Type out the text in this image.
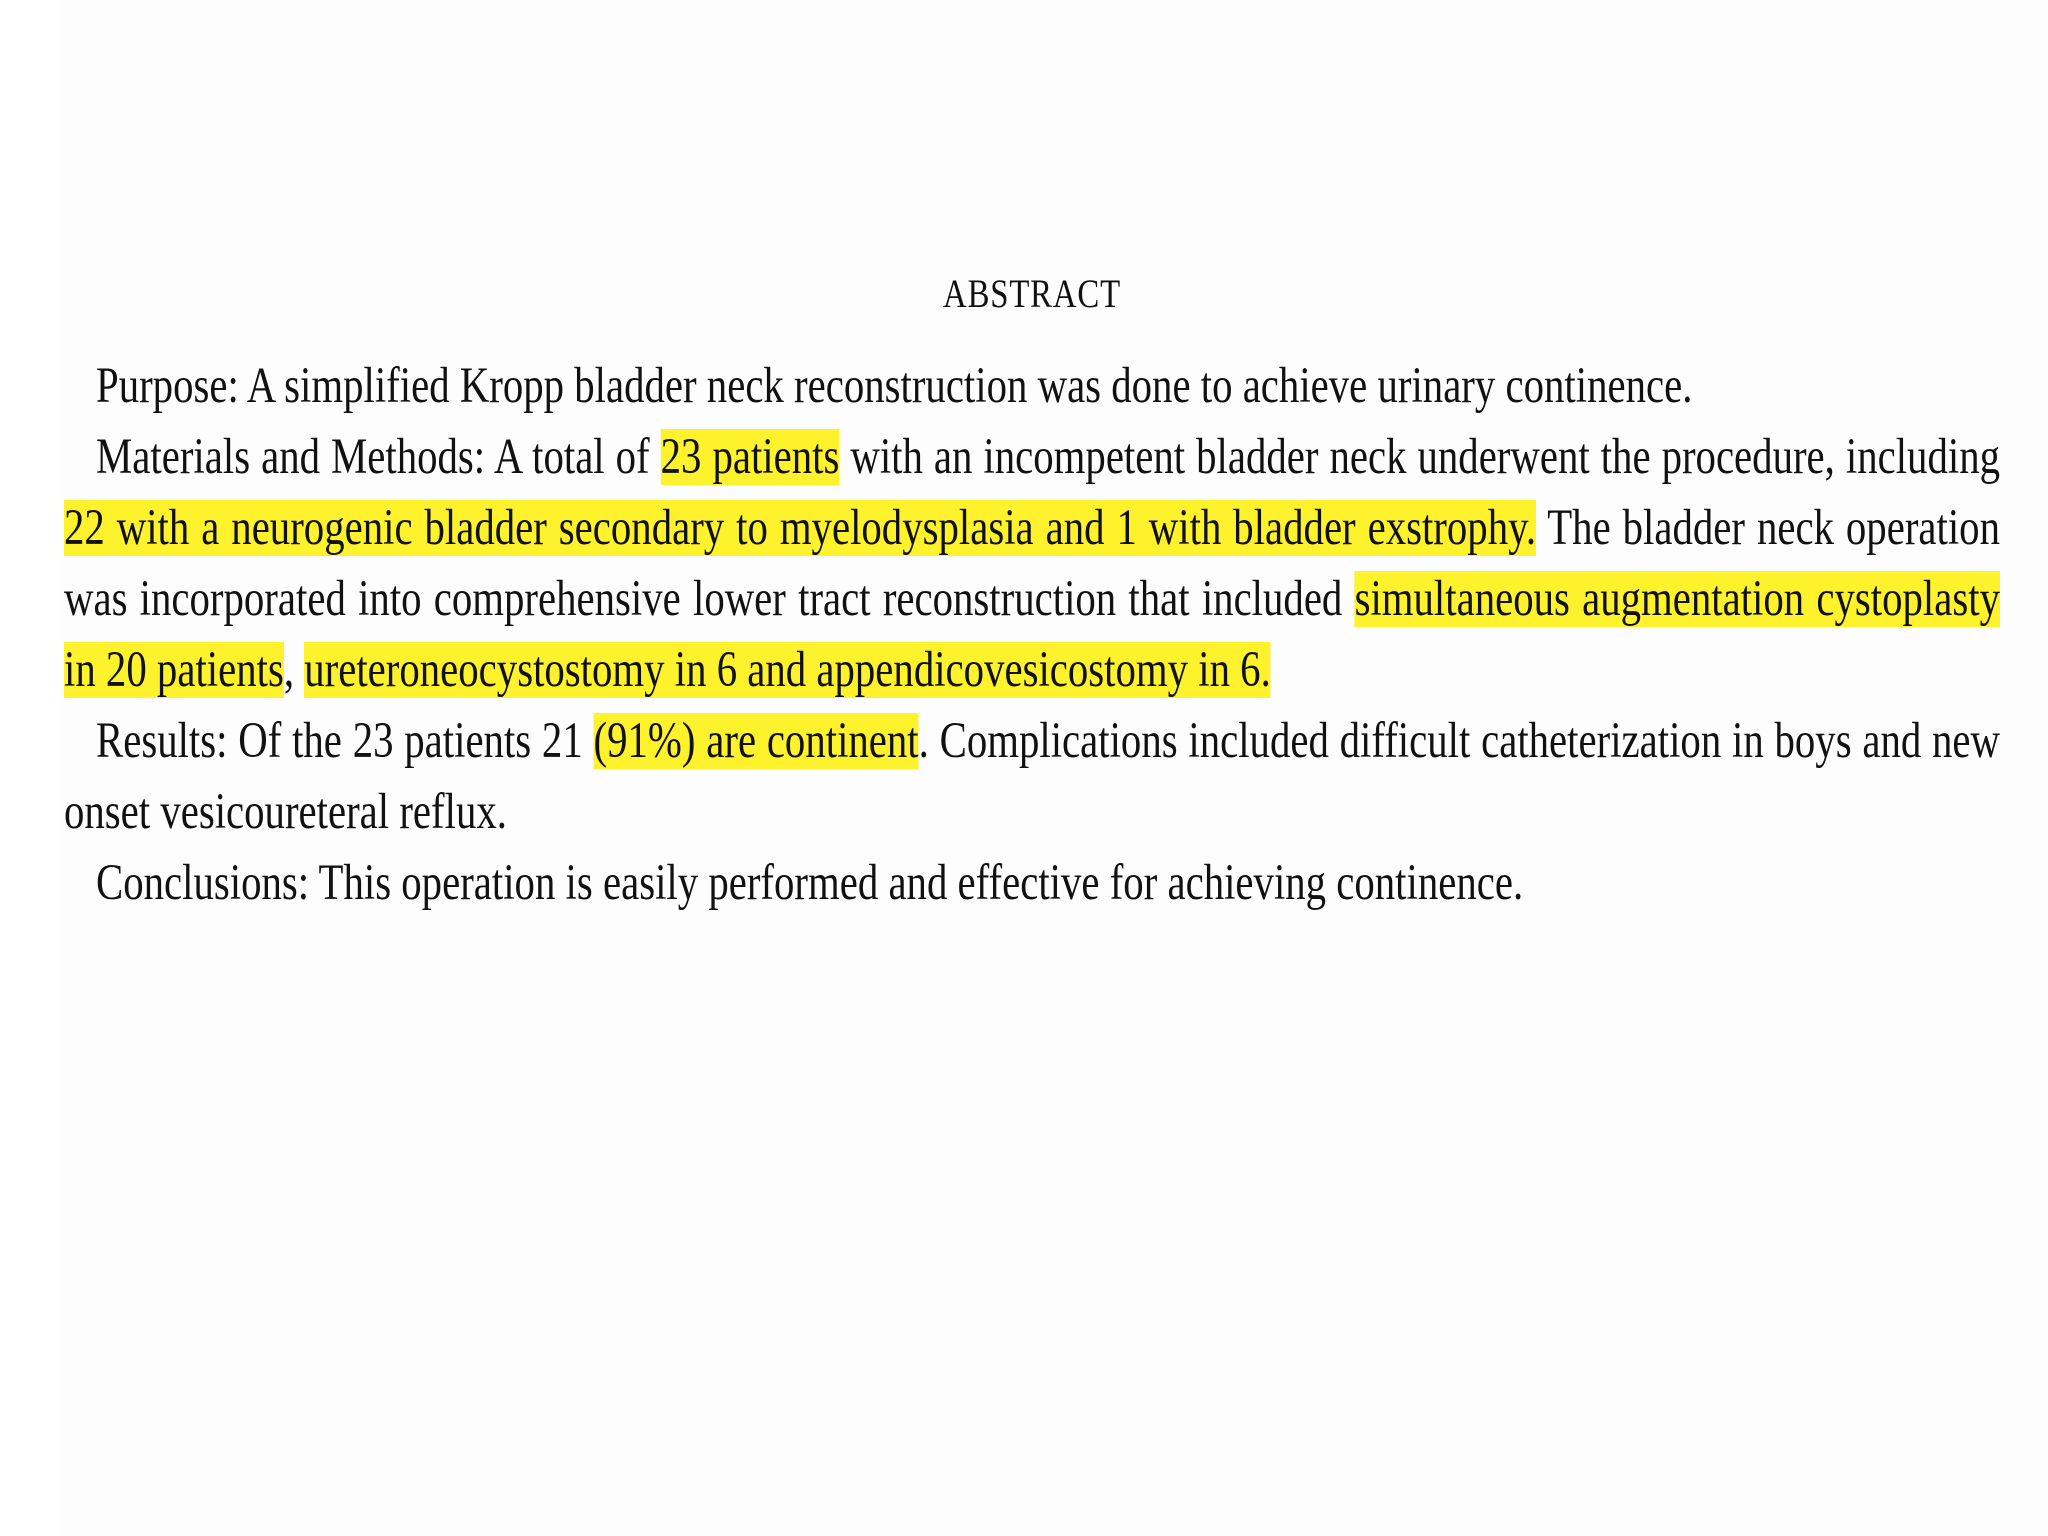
ABSTRACT

Purpose: A simplified Kropp bladder neck reconstruction was done to achieve urinary continence.

Materials and Methods: A total of 23 patients with an incompetent bladder neck underwent the procedure, including 22 with a neurogenic bladder secondary to myelodysplasia and 1 with bladder exstrophy. The bladder neck operation was incorporated into comprehensive lower tract reconstruction that included simultaneous augmentation cystoplasty in 20 patients, ureteroneocystostomy in 6 and appendicovesicostomy in 6.

Results: Of the 23 patients 21 (91%) are continent. Complications included difficult catheterization in boys and new onset vesicoureteral reflux.

Conclusions: This operation is easily performed and effective for achieving continence.
